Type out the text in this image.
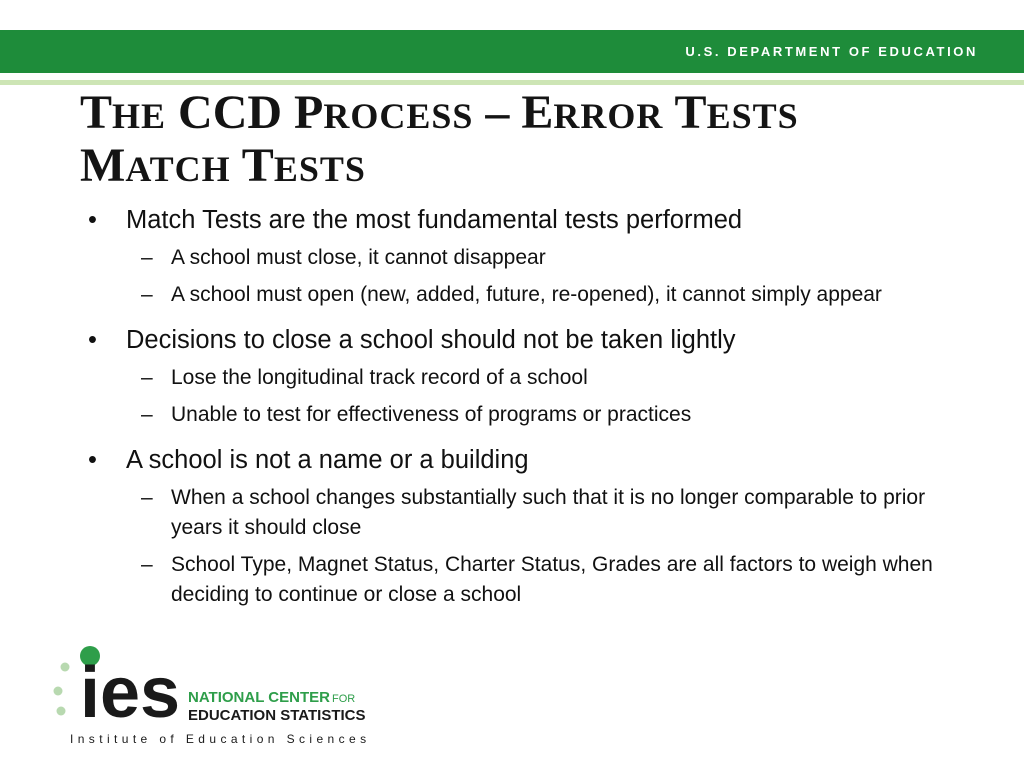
U.S. DEPARTMENT OF EDUCATION
THE CCD PROCESS – ERROR TESTS
MATCH TESTS
• Match Tests are the most fundamental tests performed
– A school must close, it cannot disappear
– A school must open (new, added, future, re-opened), it cannot simply appear
• Decisions to close a school should not be taken lightly
– Lose the longitudinal track record of a school
– Unable to test for effectiveness of programs or practices
• A school is not a name or a building
– When a school changes substantially such that it is no longer comparable to prior years it should close
– School Type, Magnet Status, Charter Status, Grades are all factors to weigh when deciding to continue or close a school
ies NATIONAL CENTER FOR
EDUCATION STATISTICS
Institute of Education Sciences
